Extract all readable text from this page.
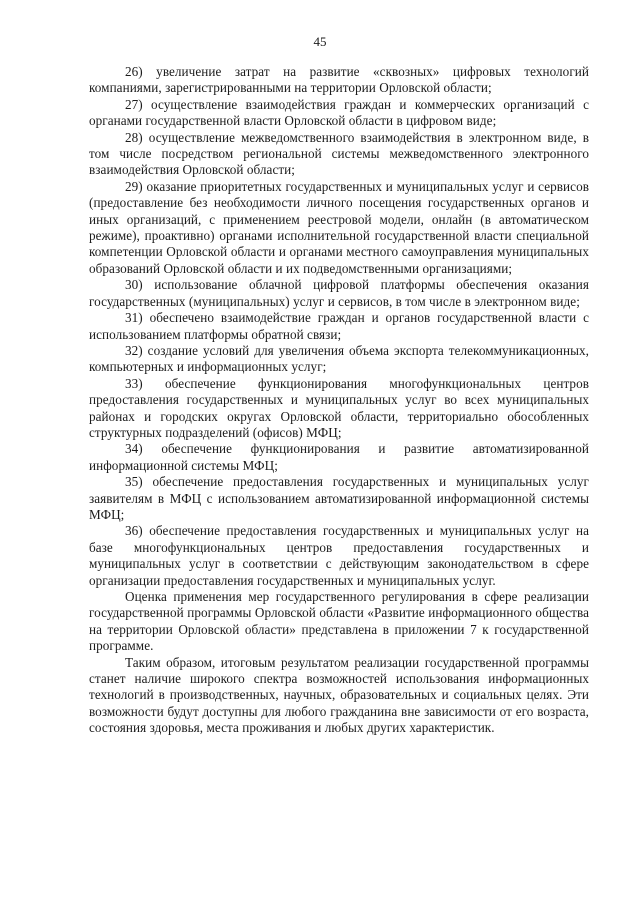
45

26) увеличение затрат на развитие «сквозных» цифровых технологий компаниями, зарегистрированными на территории Орловской области;

27) осуществление взаимодействия граждан и коммерческих организаций с органами государственной власти Орловской области в цифровом виде;

28) осуществление межведомственного взаимодействия в электронном виде, в том числе посредством региональной системы межведомственного электронного взаимодействия Орловской области;

29) оказание приоритетных государственных и муниципальных услуг и сервисов (предоставление без необходимости личного посещения государственных органов и иных организаций, с применением реестровой модели, онлайн (в автоматическом режиме), проактивно) органами исполнительной государственной власти специальной компетенции Орловской области и органами местного самоуправления муниципальных образований Орловской области и их подведомственными организациями;

30) использование облачной цифровой платформы обеспечения оказания государственных (муниципальных) услуг и сервисов, в том числе в электронном виде;

31) обеспечено взаимодействие граждан и органов государственной власти с использованием платформы обратной связи;

32) создание условий для увеличения объема экспорта телекоммуникационных, компьютерных и информационных услуг;

33) обеспечение функционирования многофункциональных центров предоставления государственных и муниципальных услуг во всех муниципальных районах и городских округах Орловской области, территориально обособленных структурных подразделений (офисов) МФЦ;

34) обеспечение функционирования и развитие автоматизированной информационной системы МФЦ;

35) обеспечение предоставления государственных и муниципальных услуг заявителям в МФЦ с использованием автоматизированной информационной системы МФЦ;

36) обеспечение предоставления государственных и муниципальных услуг на базе многофункциональных центров предоставления государственных и муниципальных услуг в соответствии с действующим законодательством в сфере организации предоставления государственных и муниципальных услуг.

Оценка применения мер государственного регулирования в сфере реализации государственной программы Орловской области «Развитие информационного общества на территории Орловской области» представлена в приложении 7 к государственной программе.

Таким образом, итоговым результатом реализации государственной программы станет наличие широкого спектра возможностей использования информационных технологий в производственных, научных, образовательных и социальных целях. Эти возможности будут доступны для любого гражданина вне зависимости от его возраста, состояния здоровья, места проживания и любых других характеристик.
